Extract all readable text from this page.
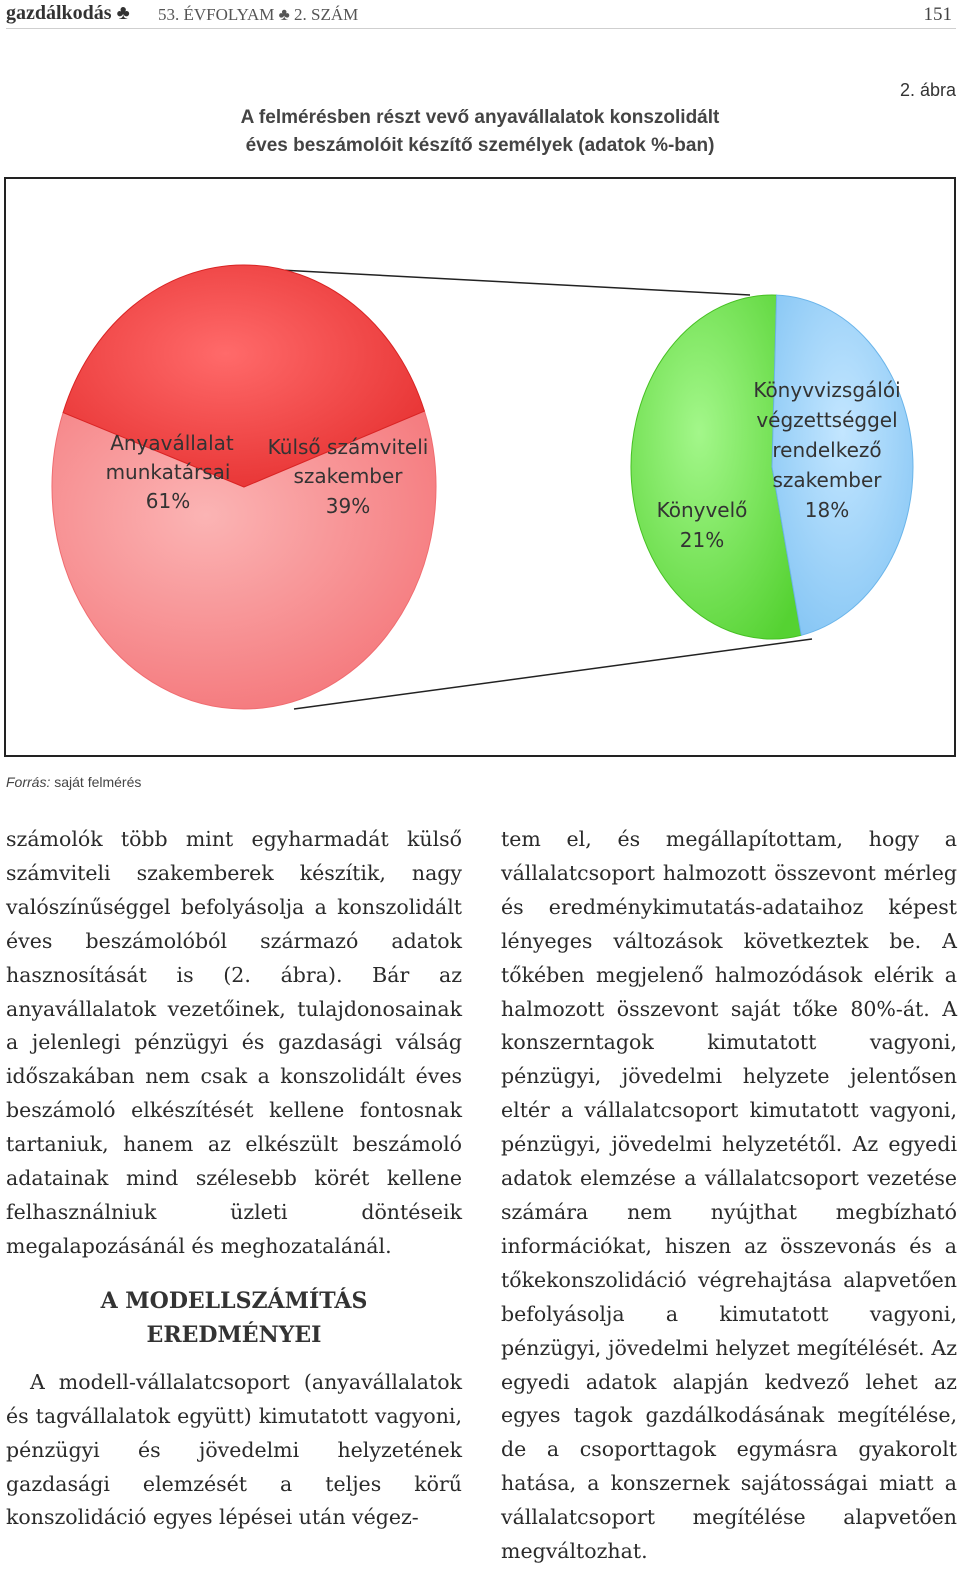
gazdálkodás ♣ 53. ÉVFOLYAM ♣ 2. SZÁM	151
2. ábra
A felmérésben részt vevő anyavállalatok konszolidált
éves beszámolóit készítő személyek (adatok %-ban)
Anyavállalat
munkatársai
61%
Külső számviteli
szakember
39%	Könyvelő
21%
Könyvvizsgálói
végzettséggel
rendelkező
szakember
18%
Forrás: saját felmérés

számolók több mint egyharmadát külső számviteli szakemberek készítik, nagy valószínűséggel befolyásolja a konszolidált éves beszámolóból származó adatok hasznosítását is (2. ábra). Bár az anyavállalatok vezetőinek, tulajdonosainak a jelenlegi pénzügyi és gazdasági válság időszakában nem csak a konszolidált éves beszámoló elkészítését kellene fontosnak tartaniuk, hanem az elkészült beszámoló adatainak mind szélesebb körét kellene felhasználniuk üzleti döntéseik megalapozásánál és meghozatalánál.

A MODELLSZÁMÍTÁS
EREDMÉNYEI

A modell-vállalatcsoport (anyavállalatok és tagvállalatok együtt) kimutatott vagyoni, pénzügyi és jövedelmi helyzetének gazdasági elemzését a teljes körű konszolidáció egyes lépései után végez-

tem el, és megállapítottam, hogy a vállalatcsoport halmozott összevont mérleg és eredménykimutatás-adataihoz képest lényeges változások következtek be. A tőkében megjelenő halmozódások elérik a halmozott összevont saját tőke 80%-át. A konszerntagok kimutatott vagyoni, pénzügyi, jövedelmi helyzete jelentősen eltér a vállalatcsoport kimutatott vagyoni, pénzügyi, jövedelmi helyzetétől. Az egyedi adatok elemzése a vállalatcsoport vezetése számára nem nyújthat megbízható információkat, hiszen az összevonás és a tőkekonszolidáció végrehajtása alapvetően befolyásolja a kimutatott vagyoni, pénzügyi, jövedelmi helyzet megítélését. Az egyedi adatok alapján kedvező lehet az egyes tagok gazdálkodásának megítélése, de a csoporttagok egymásra gyakorolt hatása, a konszernek sajátosságai miatt a vállalatcsoport megítélése alapvetően megváltozhat.
